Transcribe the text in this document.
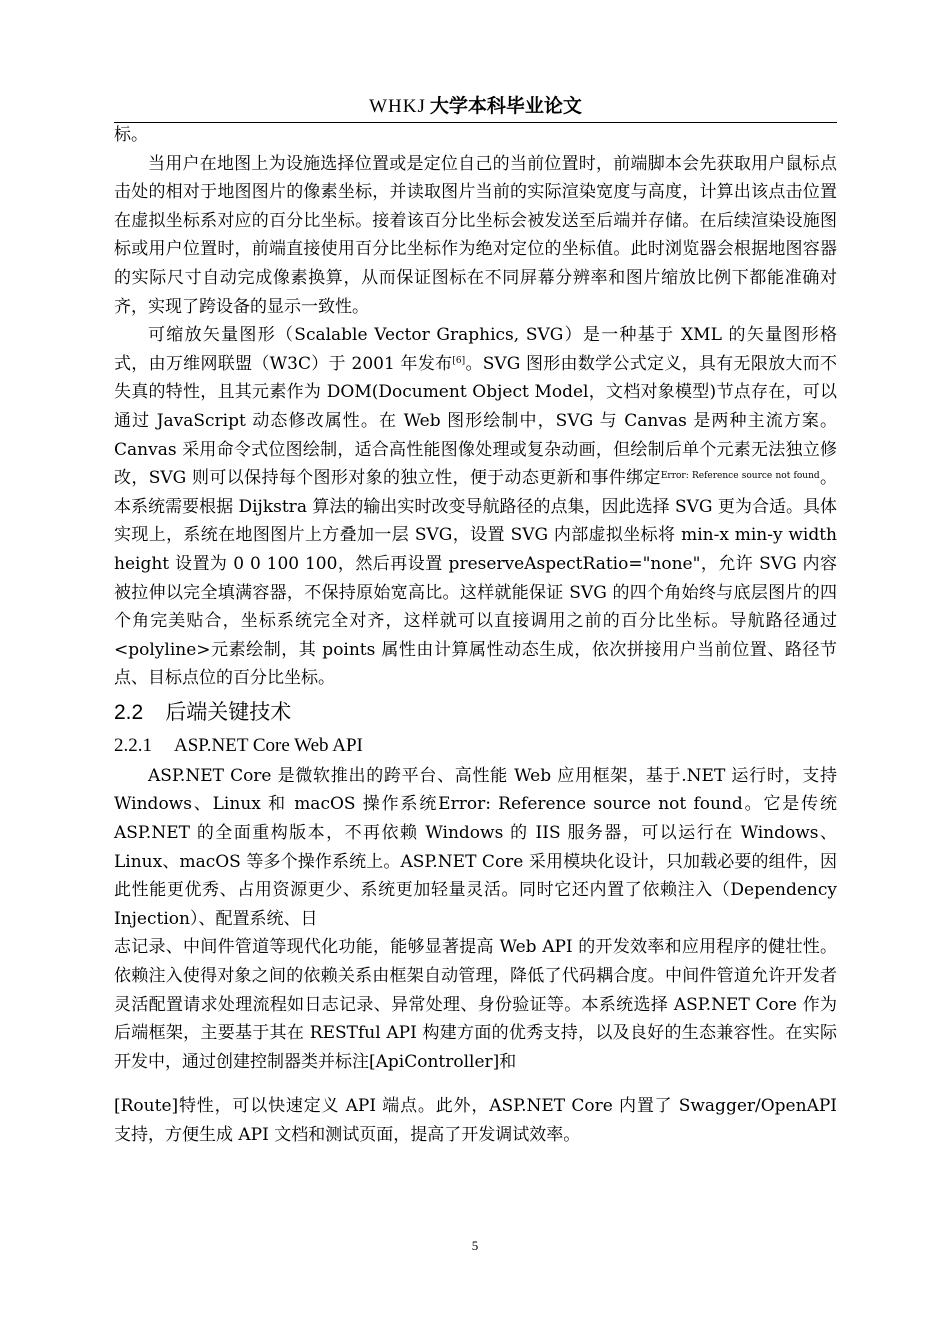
WHKJ 大学本科毕业论文

标。

当用户在地图上为设施选择位置或是定位自己的当前位置时，前端脚本会先获取用户鼠标点击处的相对于地图图片的像素坐标，并读取图片当前的实际渲染宽度与高度，计算出该点击位置在虚拟坐标系对应的百分比坐标。接着该百分比坐标会被发送至后端并存储。在后续渲染设施图标或用户位置时，前端直接使用百分比坐标作为绝对定位的坐标值。此时浏览器会根据地图容器的实际尺寸自动完成像素换算，从而保证图标在不同屏幕分辨率和图片缩放比例下都能准确对齐，实现了跨设备的显示一致性。

可缩放矢量图形（Scalable Vector Graphics, SVG）是一种基于 XML 的矢量图形格式，由万维网联盟（W3C）于 2001 年发布[6]。SVG 图形由数学公式定义，具有无限放大而不失真的特性，且其元素作为 DOM(Document Object Model，文档对象模型)节点存在，可以通过 JavaScript 动态修改属性。在 Web 图形绘制中，SVG 与 Canvas 是两种主流方案。Canvas 采用命令式位图绘制，适合高性能图像处理或复杂动画，但绘制后单个元素无法独立修改，SVG 则可以保持每个图形对象的独立性，便于动态更新和事件绑定$^{Error: Reference source not found}$。本系统需要根据 Dijkstra 算法的输出实时改变导航路径的点集，因此选择 SVG 更为合适。具体实现上，系统在地图图片上方叠加一层 SVG，设置 SVG 内部虚拟坐标将 min-x min-y width height 设置为 0 0 100 100，然后再设置 preserveAspectRatio="none"，允许 SVG 内容被拉伸以完全填满容器，不保持原始宽高比。这样就能保证 SVG 的四个角始终与底层图片的四个角完美贴合，坐标系统完全对齐，这样就可以直接调用之前的百分比坐标。导航路径通过<polyline>元素绘制，其 points 属性由计算属性动态生成，依次拼接用户当前位置、路径节点、目标点位的百分比坐标。

2.2 后端关键技术
2.2.1 ASP.NET Core Web API

ASP.NET Core 是微软推出的跨平台、高性能 Web 应用框架，基于.NET 运行时，支持 Windows、Linux 和 macOS 操作系统Error: Reference source not found。它是传统 ASP.NET 的全面重构版本，不再依赖 Windows 的 IIS 服务器，可以运行在 Windows、Linux、macOS 等多个操作系统上。ASP.NET Core 采用模块化设计，只加载必要的组件，因此性能更优秀、占用资源更少、系统更加轻量灵活。同时它还内置了依赖注入（Dependency Injection）、配置系统、日

志记录、中间件管道等现代化功能，能够显著提高 Web API 的开发效率和应用程序的健壮性。依赖注入使得对象之间的依赖关系由框架自动管理，降低了代码耦合度。中间件管道允许开发者灵活配置请求处理流程如日志记录、异常处理、身份验证等。本系统选择 ASP.NET Core 作为后端框架，主要基于其在 RESTful API 构建方面的优秀支持，以及良好的生态兼容性。在实际开发中，通过创建控制器类并标注[ApiController]和

[Route]特性，可以快速定义 API 端点。此外，ASP.NET Core 内置了 Swagger/OpenAPI 支持，方便生成 API 文档和测试页面，提高了开发调试效率。

5
